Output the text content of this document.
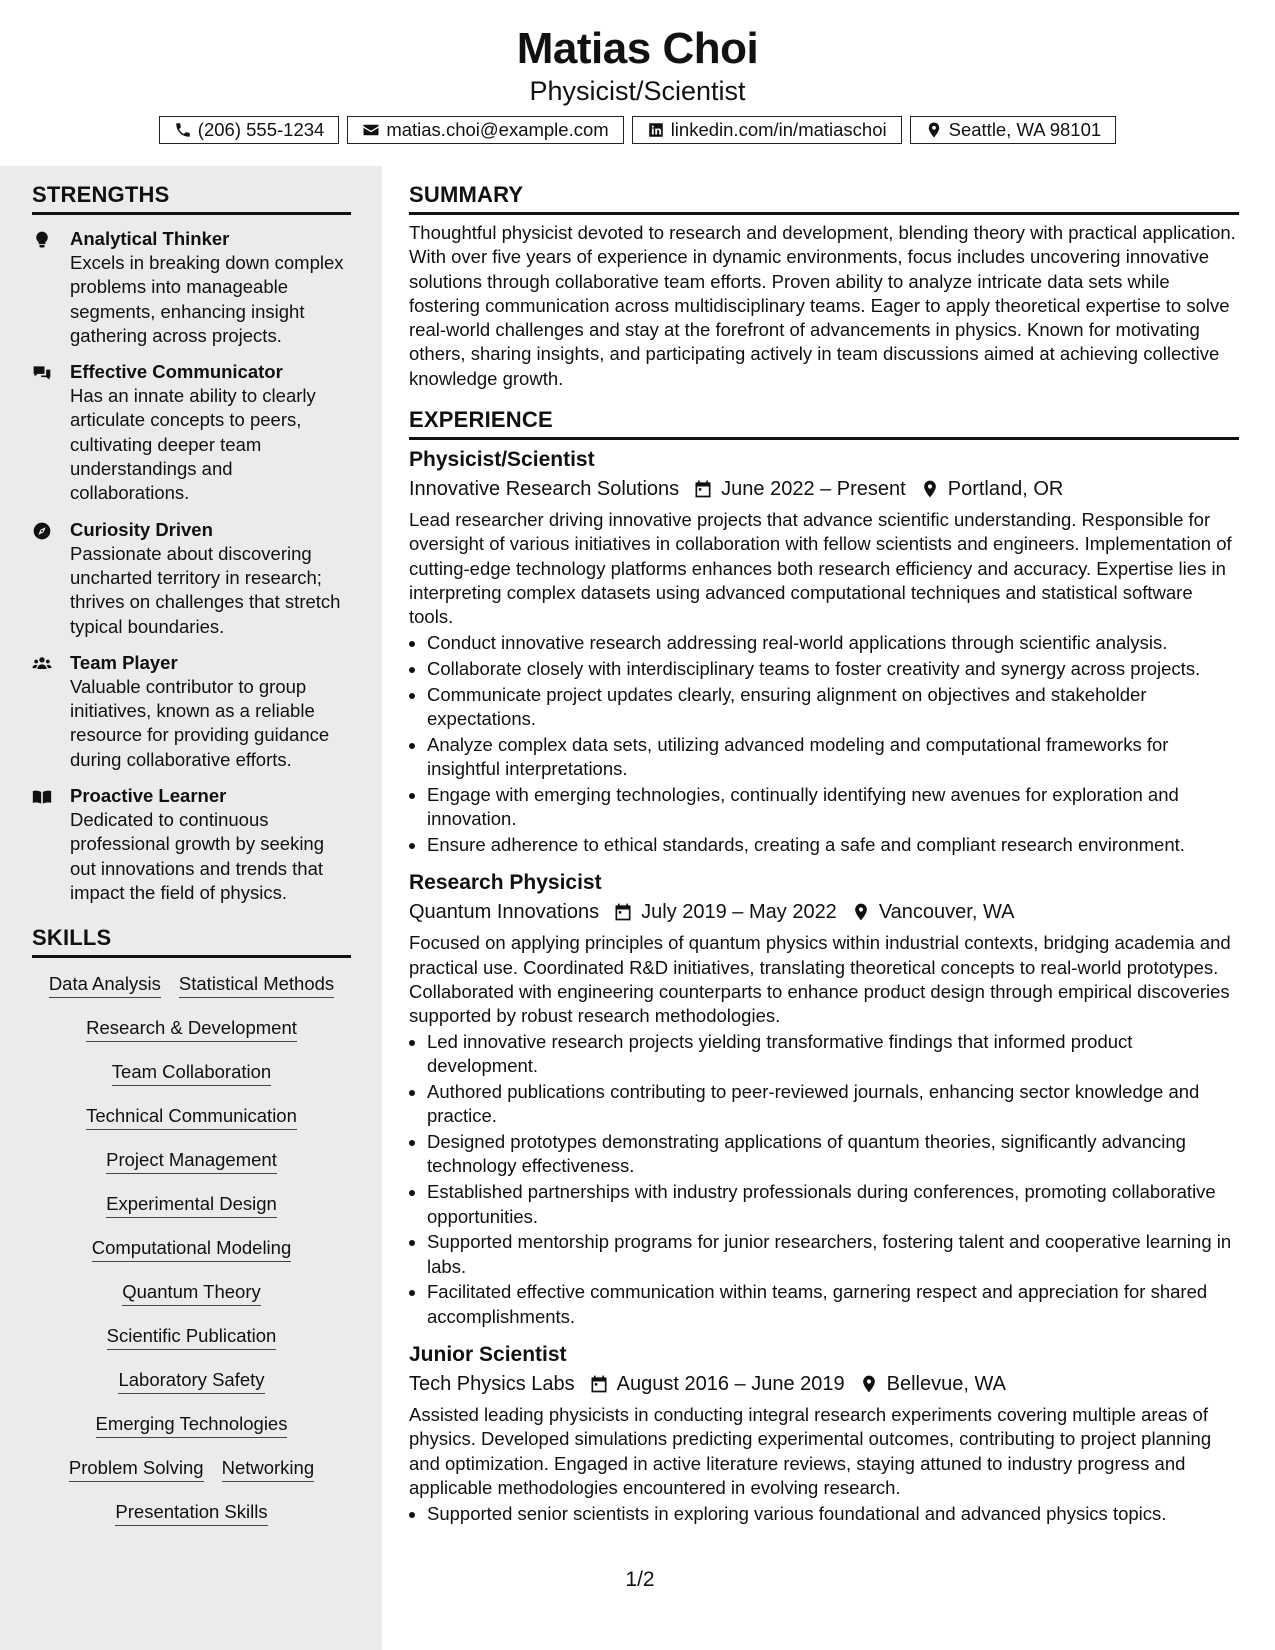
Matias Choi
Physicist/Scientist
(206) 555-1234	matias.choi@example.com	linkedin.com/in/matiaschoi	Seattle, WA 98101
STRENGTHS
Analytical Thinker
Excels in breaking down complex problems into manageable segments, enhancing insight gathering across projects.
Effective Communicator
Has an innate ability to clearly articulate concepts to peers, cultivating deeper team understandings and collaborations.
Curiosity Driven
Passionate about discovering uncharted territory in research; thrives on challenges that stretch typical boundaries.
Team Player
Valuable contributor to group initiatives, known as a reliable resource for providing guidance during collaborative efforts.
Proactive Learner
Dedicated to continuous professional growth by seeking out innovations and trends that impact the field of physics.
SKILLS
Data Analysis Statistical Methods
Research & Development
Team Collaboration
Technical Communication
Project Management
Experimental Design
Computational Modeling
Quantum Theory
Scientific Publication
Laboratory Safety
Emerging Technologies
Problem Solving Networking
Presentation Skills
SUMMARY
Thoughtful physicist devoted to research and development, blending theory with practical application. With over five years of experience in dynamic environments, focus includes uncovering innovative solutions through collaborative team efforts. Proven ability to analyze intricate data sets while fostering communication across multidisciplinary teams. Eager to apply theoretical expertise to solve real-world challenges and stay at the forefront of advancements in physics. Known for motivating others, sharing insights, and participating actively in team discussions aimed at achieving collective knowledge growth.
EXPERIENCE
Physicist/Scientist
Innovative Research Solutions June 2022 – Present Portland, OR
Lead researcher driving innovative projects that advance scientific understanding. Responsible for oversight of various initiatives in collaboration with fellow scientists and engineers. Implementation of cutting-edge technology platforms enhances both research efficiency and accuracy. Expertise lies in interpreting complex datasets using advanced computational techniques and statistical software tools.
• Conduct innovative research addressing real-world applications through scientific analysis.
• Collaborate closely with interdisciplinary teams to foster creativity and synergy across projects.
• Communicate project updates clearly, ensuring alignment on objectives and stakeholder expectations.
• Analyze complex data sets, utilizing advanced modeling and computational frameworks for insightful interpretations.
• Engage with emerging technologies, continually identifying new avenues for exploration and innovation.
• Ensure adherence to ethical standards, creating a safe and compliant research environment.
Research Physicist
Quantum Innovations July 2019 – May 2022 Vancouver, WA
Focused on applying principles of quantum physics within industrial contexts, bridging academia and practical use. Coordinated R&D initiatives, translating theoretical concepts to real-world prototypes. Collaborated with engineering counterparts to enhance product design through empirical discoveries supported by robust research methodologies.
• Led innovative research projects yielding transformative findings that informed product development.
• Authored publications contributing to peer-reviewed journals, enhancing sector knowledge and practice.
• Designed prototypes demonstrating applications of quantum theories, significantly advancing technology effectiveness.
• Established partnerships with industry professionals during conferences, promoting collaborative opportunities.
• Supported mentorship programs for junior researchers, fostering talent and cooperative learning in labs.
• Facilitated effective communication within teams, garnering respect and appreciation for shared accomplishments.
Junior Scientist
Tech Physics Labs August 2016 – June 2019 Bellevue, WA
Assisted leading physicists in conducting integral research experiments covering multiple areas of physics. Developed simulations predicting experimental outcomes, contributing to project planning and optimization. Engaged in active literature reviews, staying attuned to industry progress and applicable methodologies encountered in evolving research.
• Supported senior scientists in exploring various foundational and advanced physics topics.
1/2
